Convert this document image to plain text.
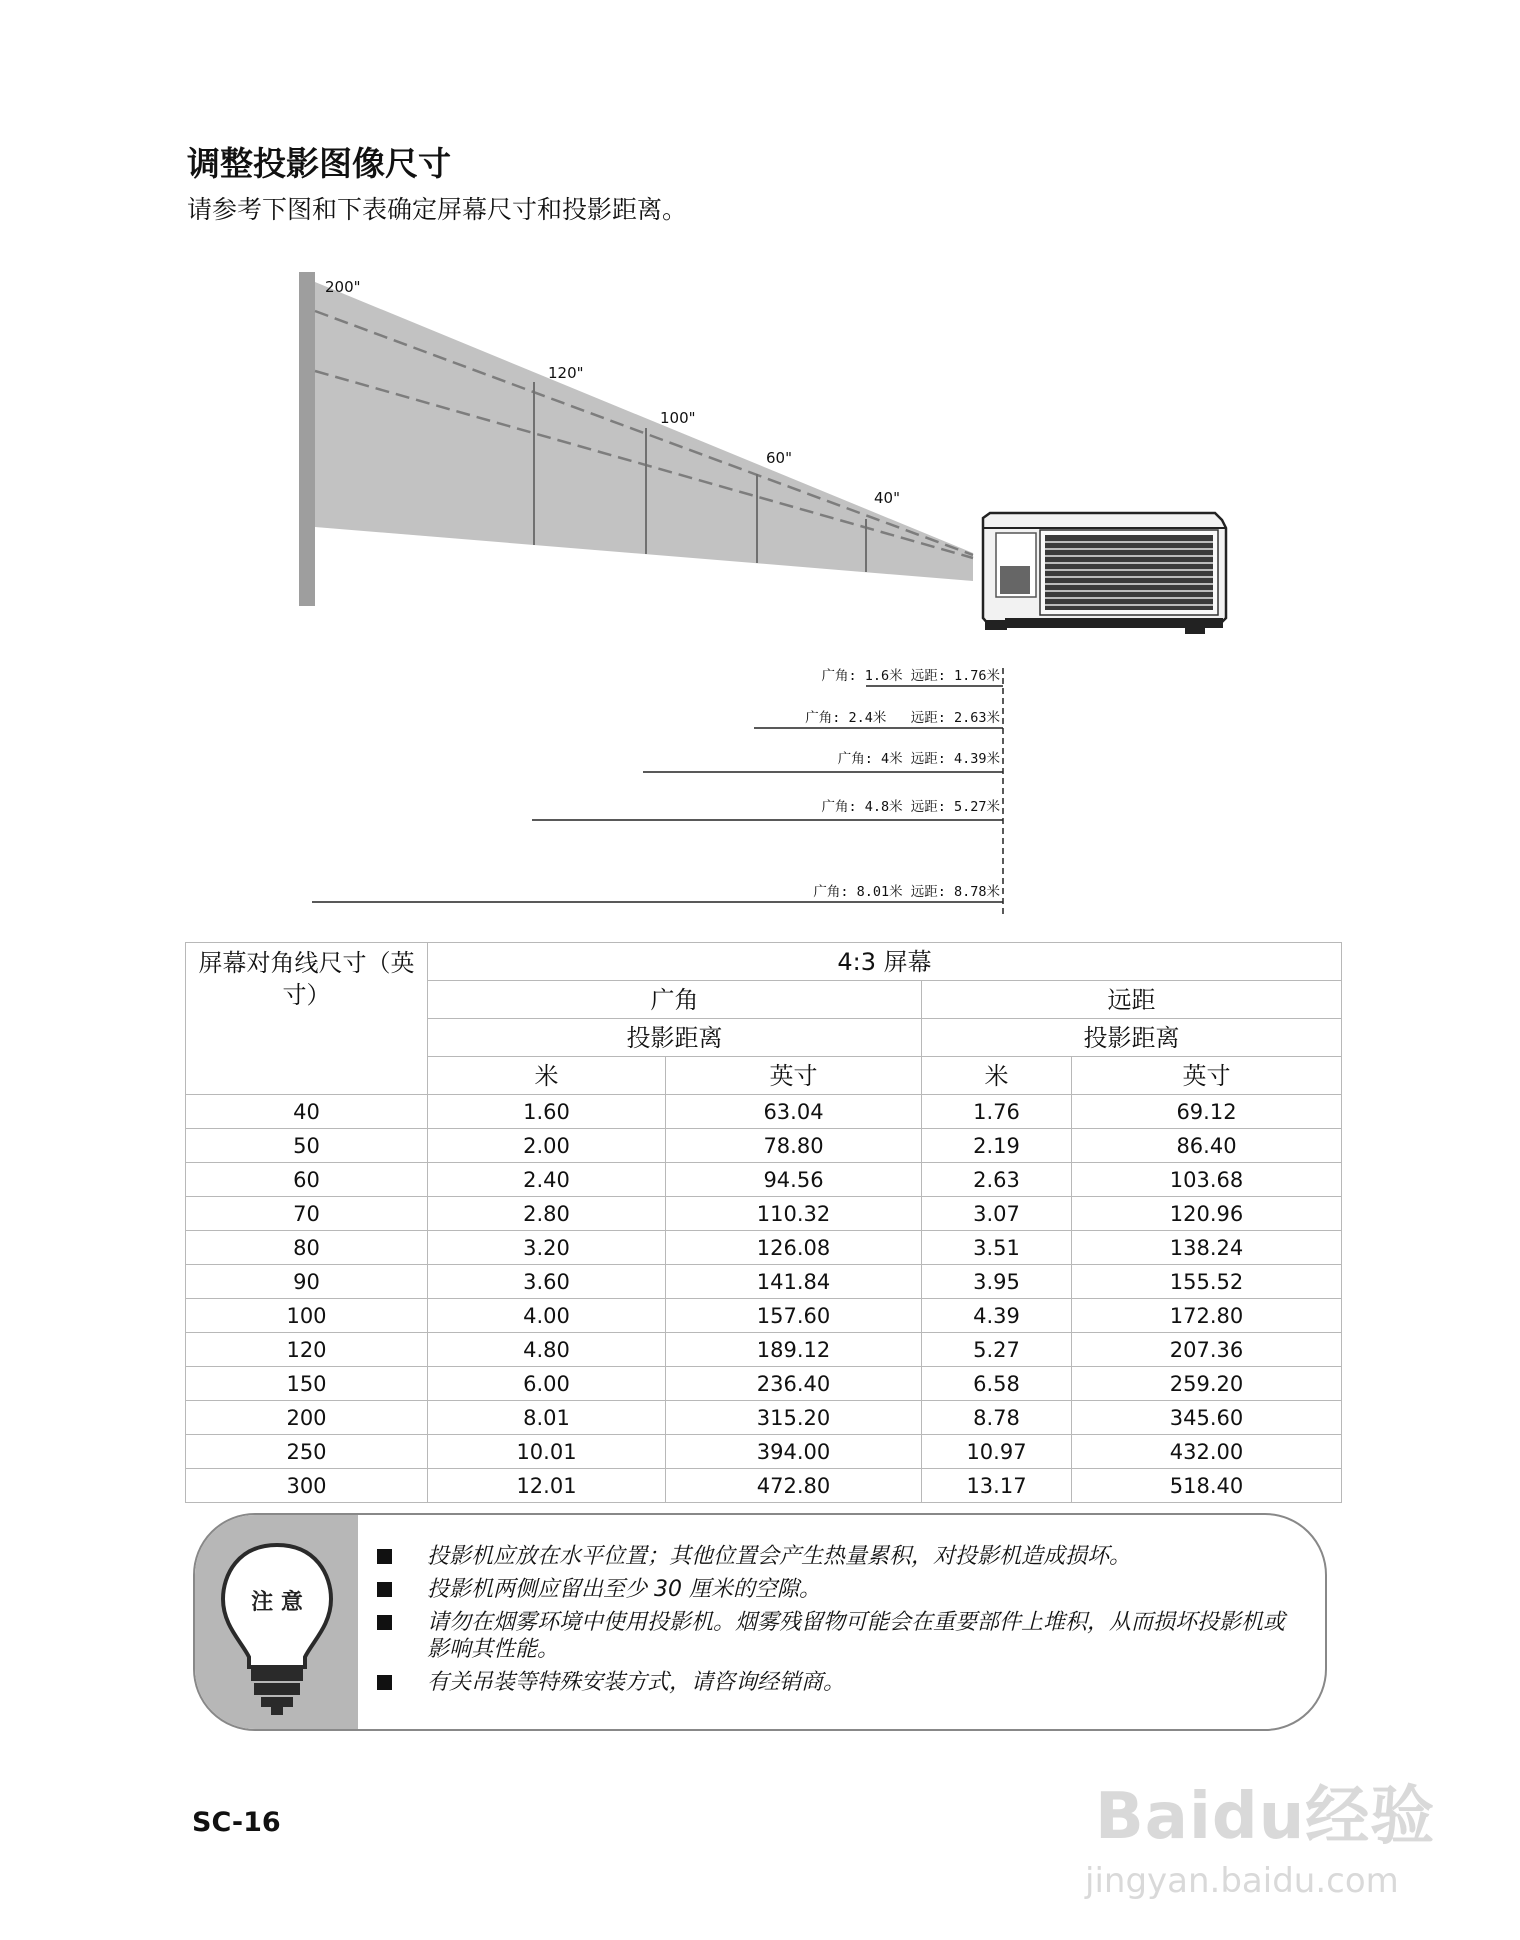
调整投影图像尺寸
请参考下图和下表确定屏幕尺寸和投影距离。
200"
120"
100"
60"
40"
广角: 1.6米 远距: 1.76米
广角: 2.4米   远距: 2.63米
广角: 4米 远距: 4.39米
广角: 4.8米 远距: 5.27米
广角: 8.01米 远距: 8.78米
屏幕对角线尺寸（英寸）	4:3 屏幕			
	广角		远距	
	投影距离		投影距离	
	米	英寸	米	英寸
40	1.60	63.04	1.76	69.12
50	2.00	78.80	2.19	86.40
60	2.40	94.56	2.63	103.68
70	2.80	110.32	3.07	120.96
80	3.20	126.08	3.51	138.24
90	3.60	141.84	3.95	155.52
100	4.00	157.60	4.39	172.80
120	4.80	189.12	5.27	207.36
150	6.00	236.40	6.58	259.20
200	8.01	315.20	8.78	345.60
250	10.01	394.00	10.97	432.00
300	12.01	472.80	13.17	518.40
注 意
投影机应放在水平位置；其他位置会产生热量累积，对投影机造成损坏。
投影机两侧应留出至少 30 厘米的空隙。
请勿在烟雾环境中使用投影机。烟雾残留物可能会在重要部件上堆积，从而损坏投影机或影响其性能。
有关吊装等特殊安装方式，请咨询经销商。
SC-16	Baidu经验
jingyan.baidu.com
